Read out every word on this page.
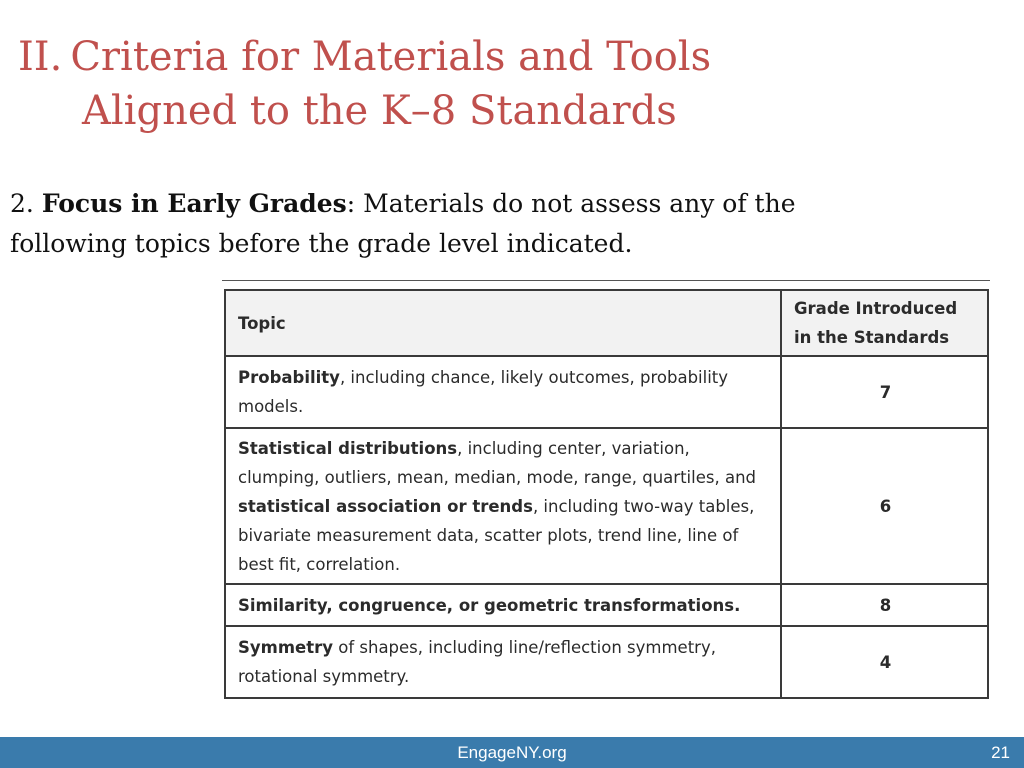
II. Criteria for Materials and Tools
Aligned to the K–8 Standards
2. Focus in Early Grades: Materials do not assess any of the
following topics before the grade level indicated.
Topic	Grade Introduced
in the Standards
Probability, including chance, likely outcomes, probability models.	7
Statistical distributions, including center, variation, clumping, outliers, mean, median, mode, range, quartiles, and statistical association or trends, including two-way tables, bivariate measurement data, scatter plots, trend line, line of best fit, correlation.	6
Similarity, congruence, or geometric transformations.	8
Symmetry of shapes, including line/reflection symmetry, rotational symmetry.	4
EngageNY.org	21
